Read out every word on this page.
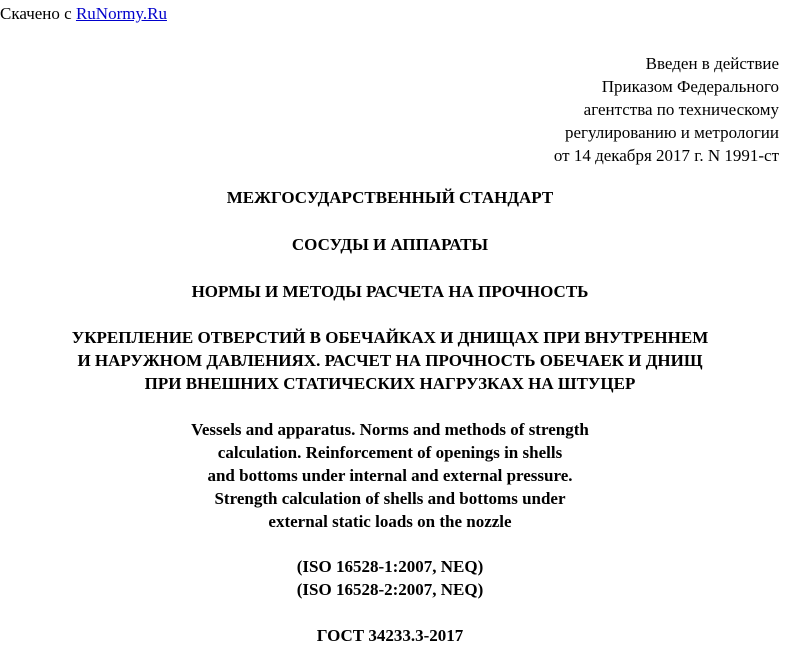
Скачено с RuNormy.Ru
Введен в действие
Приказом Федерального
агентства по техническому
регулированию и метрологии
от 14 декабря 2017 г. N 1991-ст
МЕЖГОСУДАРСТВЕННЫЙ СТАНДАРТ
СОСУДЫ И АППАРАТЫ
НОРМЫ И МЕТОДЫ РАСЧЕТА НА ПРОЧНОСТЬ
УКРЕПЛЕНИЕ ОТВЕРСТИЙ В ОБЕЧАЙКАХ И ДНИЩАХ ПРИ ВНУТРЕННЕМ
И НАРУЖНОМ ДАВЛЕНИЯХ. РАСЧЕТ НА ПРОЧНОСТЬ ОБЕЧАЕК И ДНИЩ
ПРИ ВНЕШНИХ СТАТИЧЕСКИХ НАГРУЗКАХ НА ШТУЦЕР
Vessels and apparatus. Norms and methods of strength
calculation. Reinforcement of openings in shells
and bottoms under internal and external pressure.
Strength calculation of shells and bottoms under
external static loads on the nozzle
(ISO 16528-1:2007, NEQ)
(ISO 16528-2:2007, NEQ)
ГОСТ 34233.3-2017
